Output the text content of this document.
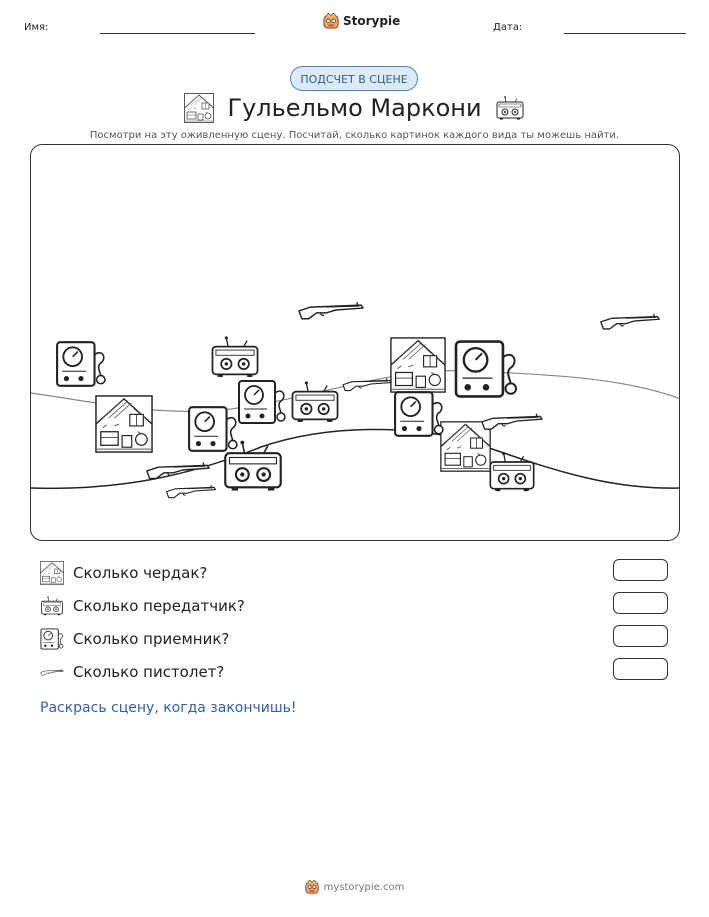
Имя:	Storypie	Дата:
ПОДСЧЕТ В СЦЕНЕ
Гульельмо Маркони
Посмотри на эту оживленную сцену. Посчитай, сколько картинок каждого вида ты можешь найти.
Сколько чердак?
Сколько передатчик?
Сколько приемник?
Сколько пистолет?
Раскрась сцену, когда закончишь!
mystorypie.com
